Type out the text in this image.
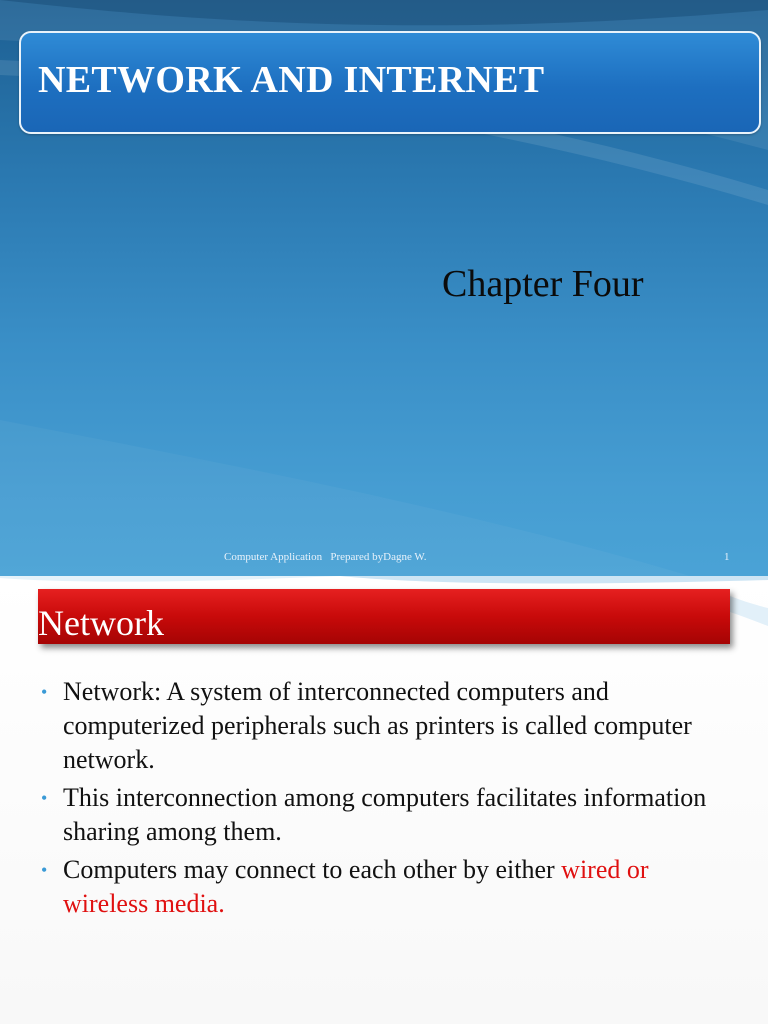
NETWORK AND INTERNET
Chapter Four
Computer Application   Prepared byDagne W.	1
Network
• Network: A system of interconnected computers and computerized peripherals such as printers is called computer network.
• This interconnection among computers facilitates information sharing among them.
• Computers may connect to each other by either wired or wireless media.
